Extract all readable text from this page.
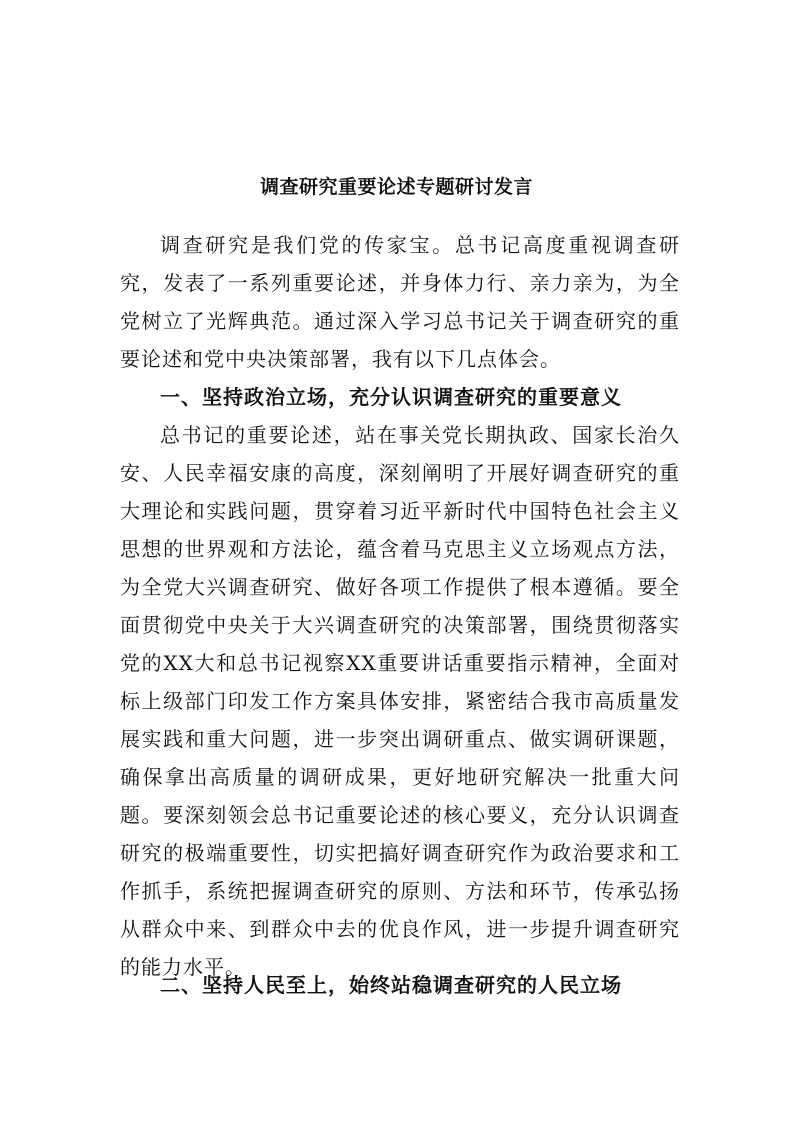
调查研究重要论述专题研讨发言

调查研究是我们党的传家宝。总书记高度重视调查研究，发表了一系列重要论述，并身体力行、亲力亲为，为全党树立了光辉典范。通过深入学习总书记关于调查研究的重要论述和党中央决策部署，我有以下几点体会。

一、坚持政治立场，充分认识调查研究的重要意义

总书记的重要论述，站在事关党长期执政、国家长治久安、人民幸福安康的高度，深刻阐明了开展好调查研究的重大理论和实践问题，贯穿着习近平新时代中国特色社会主义思想的世界观和方法论，蕴含着马克思主义立场观点方法，为全党大兴调查研究、做好各项工作提供了根本遵循。要全面贯彻党中央关于大兴调查研究的决策部署，围绕贯彻落实党的XX大和总书记视察XX重要讲话重要指示精神，全面对标上级部门印发工作方案具体安排，紧密结合我市高质量发展实践和重大问题，进一步突出调研重点、做实调研课题，确保拿出高质量的调研成果，更好地研究解决一批重大问题。要深刻领会总书记重要论述的核心要义，充分认识调查研究的极端重要性，切实把搞好调查研究作为政治要求和工作抓手，系统把握调查研究的原则、方法和环节，传承弘扬从群众中来、到群众中去的优良作风，进一步提升调查研究的能力水平。

二、坚持人民至上，始终站稳调查研究的人民立场
